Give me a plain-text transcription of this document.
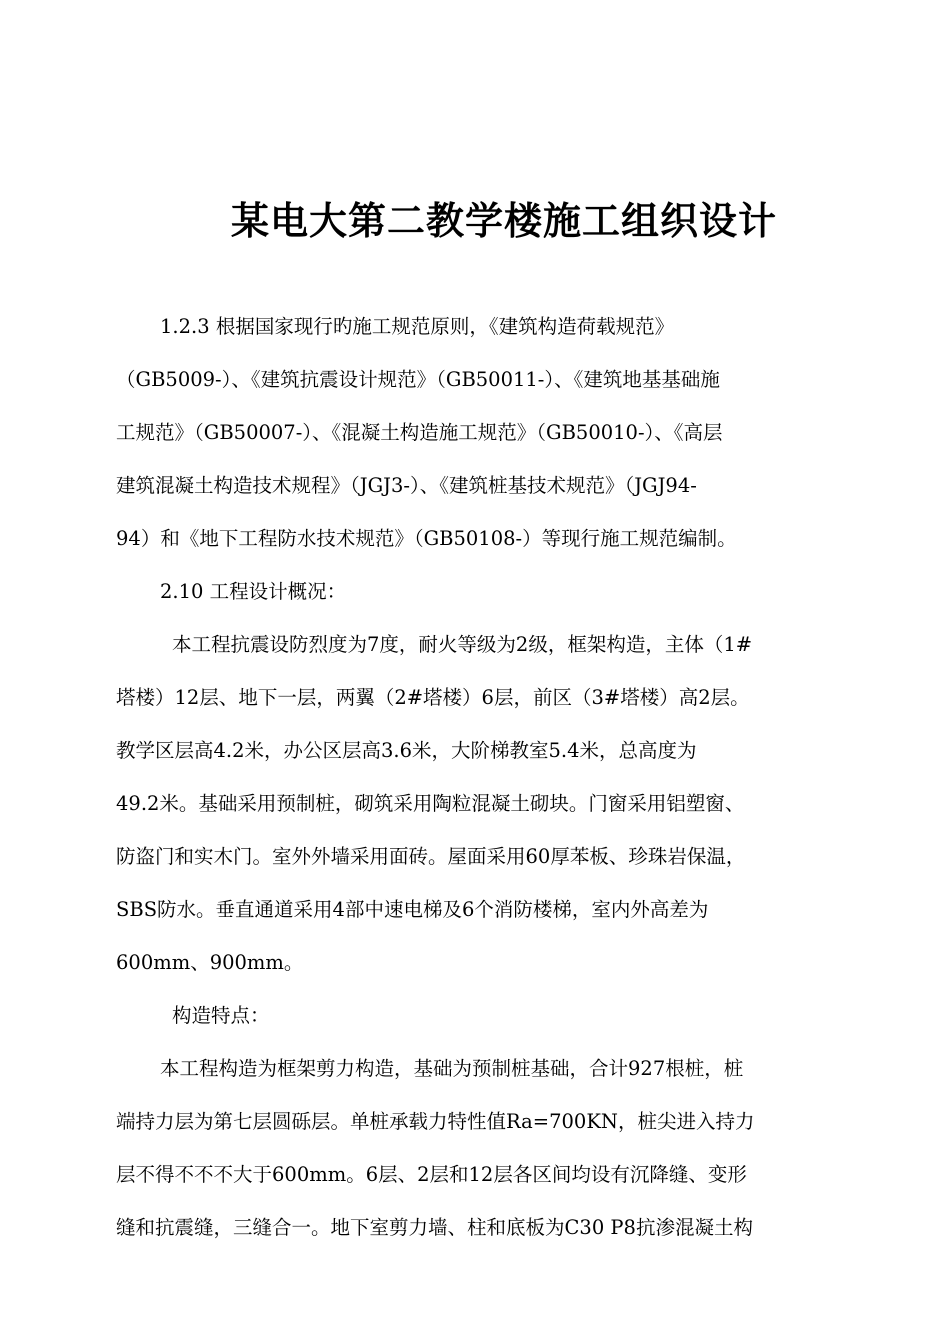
某电大第二教学楼施工组织设计
1.2.3 根据国家现行旳施工规范原则，《建筑构造荷载规范》
（GB5009-）、《建筑抗震设计规范》（GB50011-）、《建筑地基基础施
工规范》（GB50007-）、《混凝土构造施工规范》（GB50010-）、《高层
建筑混凝土构造技术规程》（JGJ3-）、《建筑桩基技术规范》（JGJ94-
94）和《地下工程防水技术规范》（GB50108-）等现行施工规范编制。
2.10 工程设计概况：
本工程抗震设防烈度为7度，耐火等级为2级，框架构造，主体（1#
塔楼）12层、地下一层，两翼（2#塔楼）6层，前区（3#塔楼）高2层。
教学区层高4.2米，办公区层高3.6米，大阶梯教室5.4米，总高度为
49.2米。基础采用预制桩，砌筑采用陶粒混凝土砌块。门窗采用铝塑窗、
防盗门和实木门。室外外墙采用面砖。屋面采用60厚苯板、珍珠岩保温，
SBS防水。垂直通道采用4部中速电梯及6个消防楼梯，室内外高差为
600mm、900mm。
构造特点：
本工程构造为框架剪力构造，基础为预制桩基础，合计927根桩，桩
端持力层为第七层圆砾层。单桩承载力特性值Ra=700KN，桩尖进入持力
层不得不不不大于600mm。6层、2层和12层各区间均设有沉降缝、变形
缝和抗震缝，三缝合一。地下室剪力墙、柱和底板为C30 P8抗渗混凝土构
